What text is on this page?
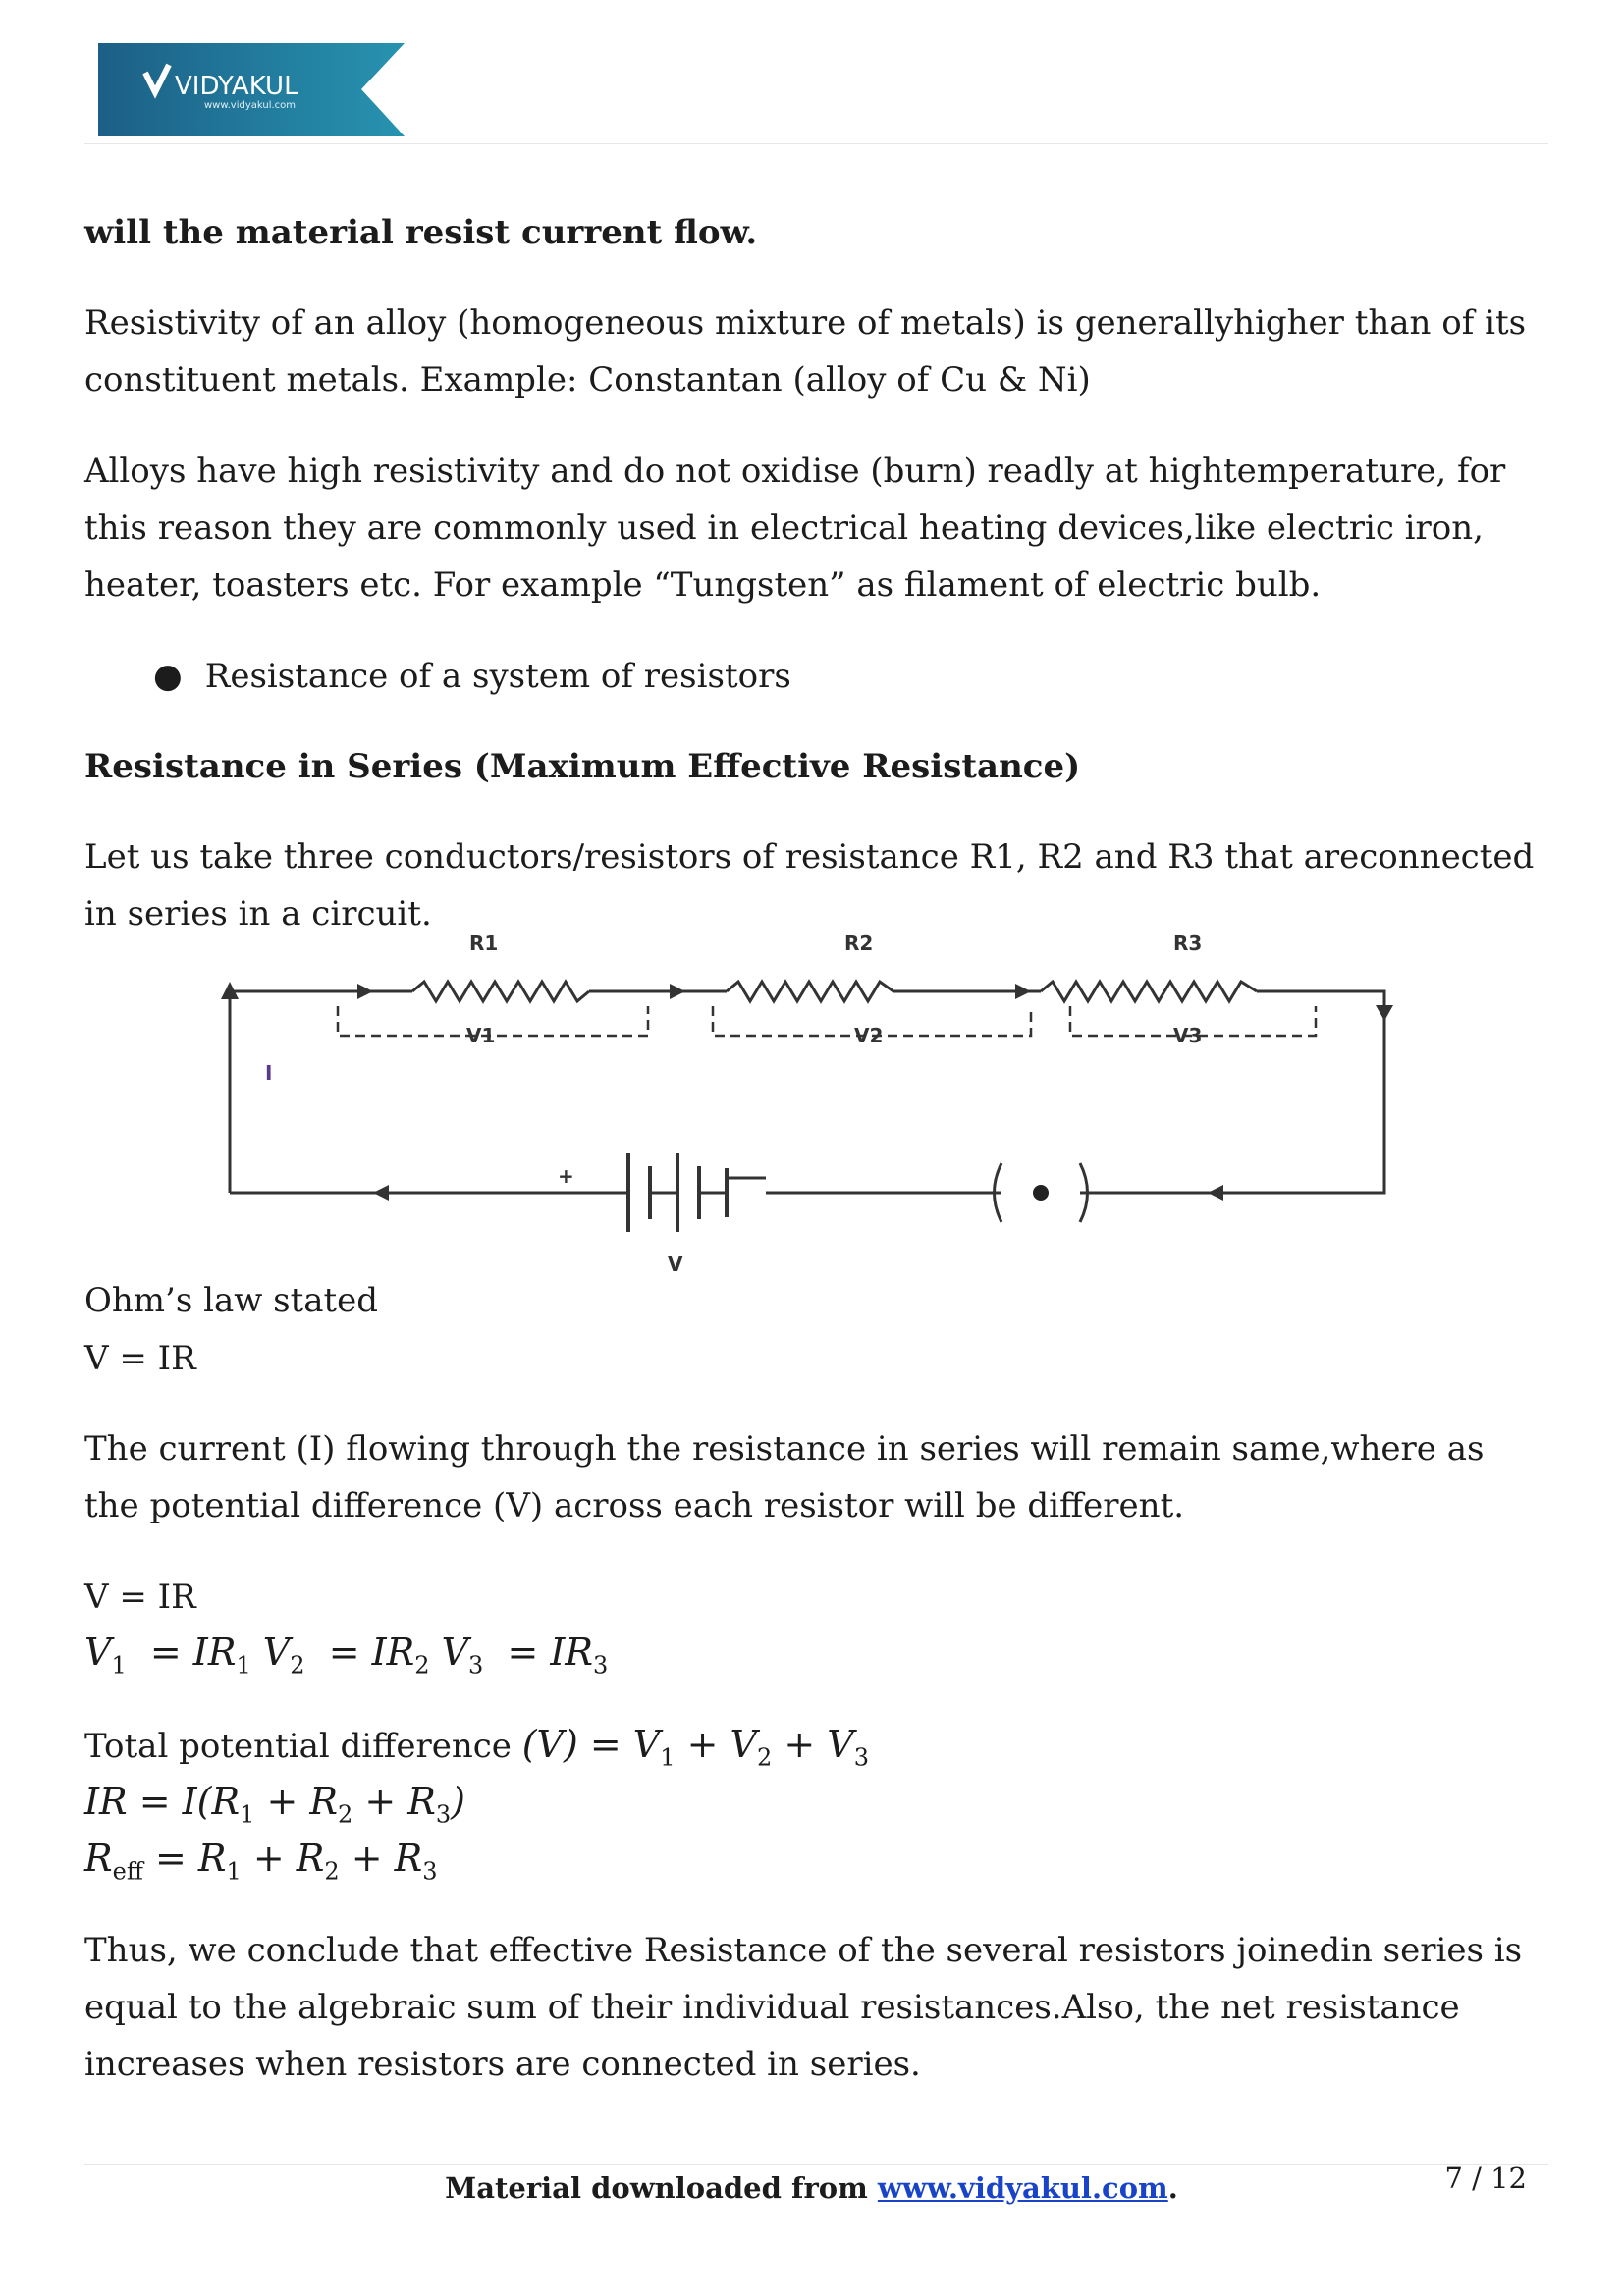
VIDYAKUL
www.vidyakul.com

will the material resist current flow.

Resistivity of an alloy (homogeneous mixture of metals) is generallyhigher than of its constituent metals. Example: Constantan (alloy of Cu & Ni)

Alloys have high resistivity and do not oxidise (burn) readly at hightemperature, for this reason they are commonly used in electrical heating devices,like electric iron, heater, toasters etc. For example “Tungsten” as filament of electric bulb.

● Resistance of a system of resistors

Resistance in Series (Maximum Effective Resistance)

Let us take three conductors/resistors of resistance R1, R2 and R3 that areconnected in series in a circuit.

Ohm’s law stated

V = IR

The current (I) flowing through the resistance in series will remain same,where as the potential difference (V) across each resistor will be different.

V = IR

$V_1 = IR_1$ $V_2 = IR_2$ $V_3 = IR_3$

Total potential difference $(V) = V_1 + V_2 + V_3$

IR = $I(R_1 + R_2 + R_3)$

$R_{eff} = R_1 + R_2 + R_3$

Thus, we conclude that effective Resistance of the several resistors joinedin series is equal to the algebraic sum of their individual resistances.Also, the net resistance increases when resistors are connected in series.

R1	R2	R3
V1	V2	V3
I
+
V
Material downloaded from www.vidyakul.com.	7 / 12
